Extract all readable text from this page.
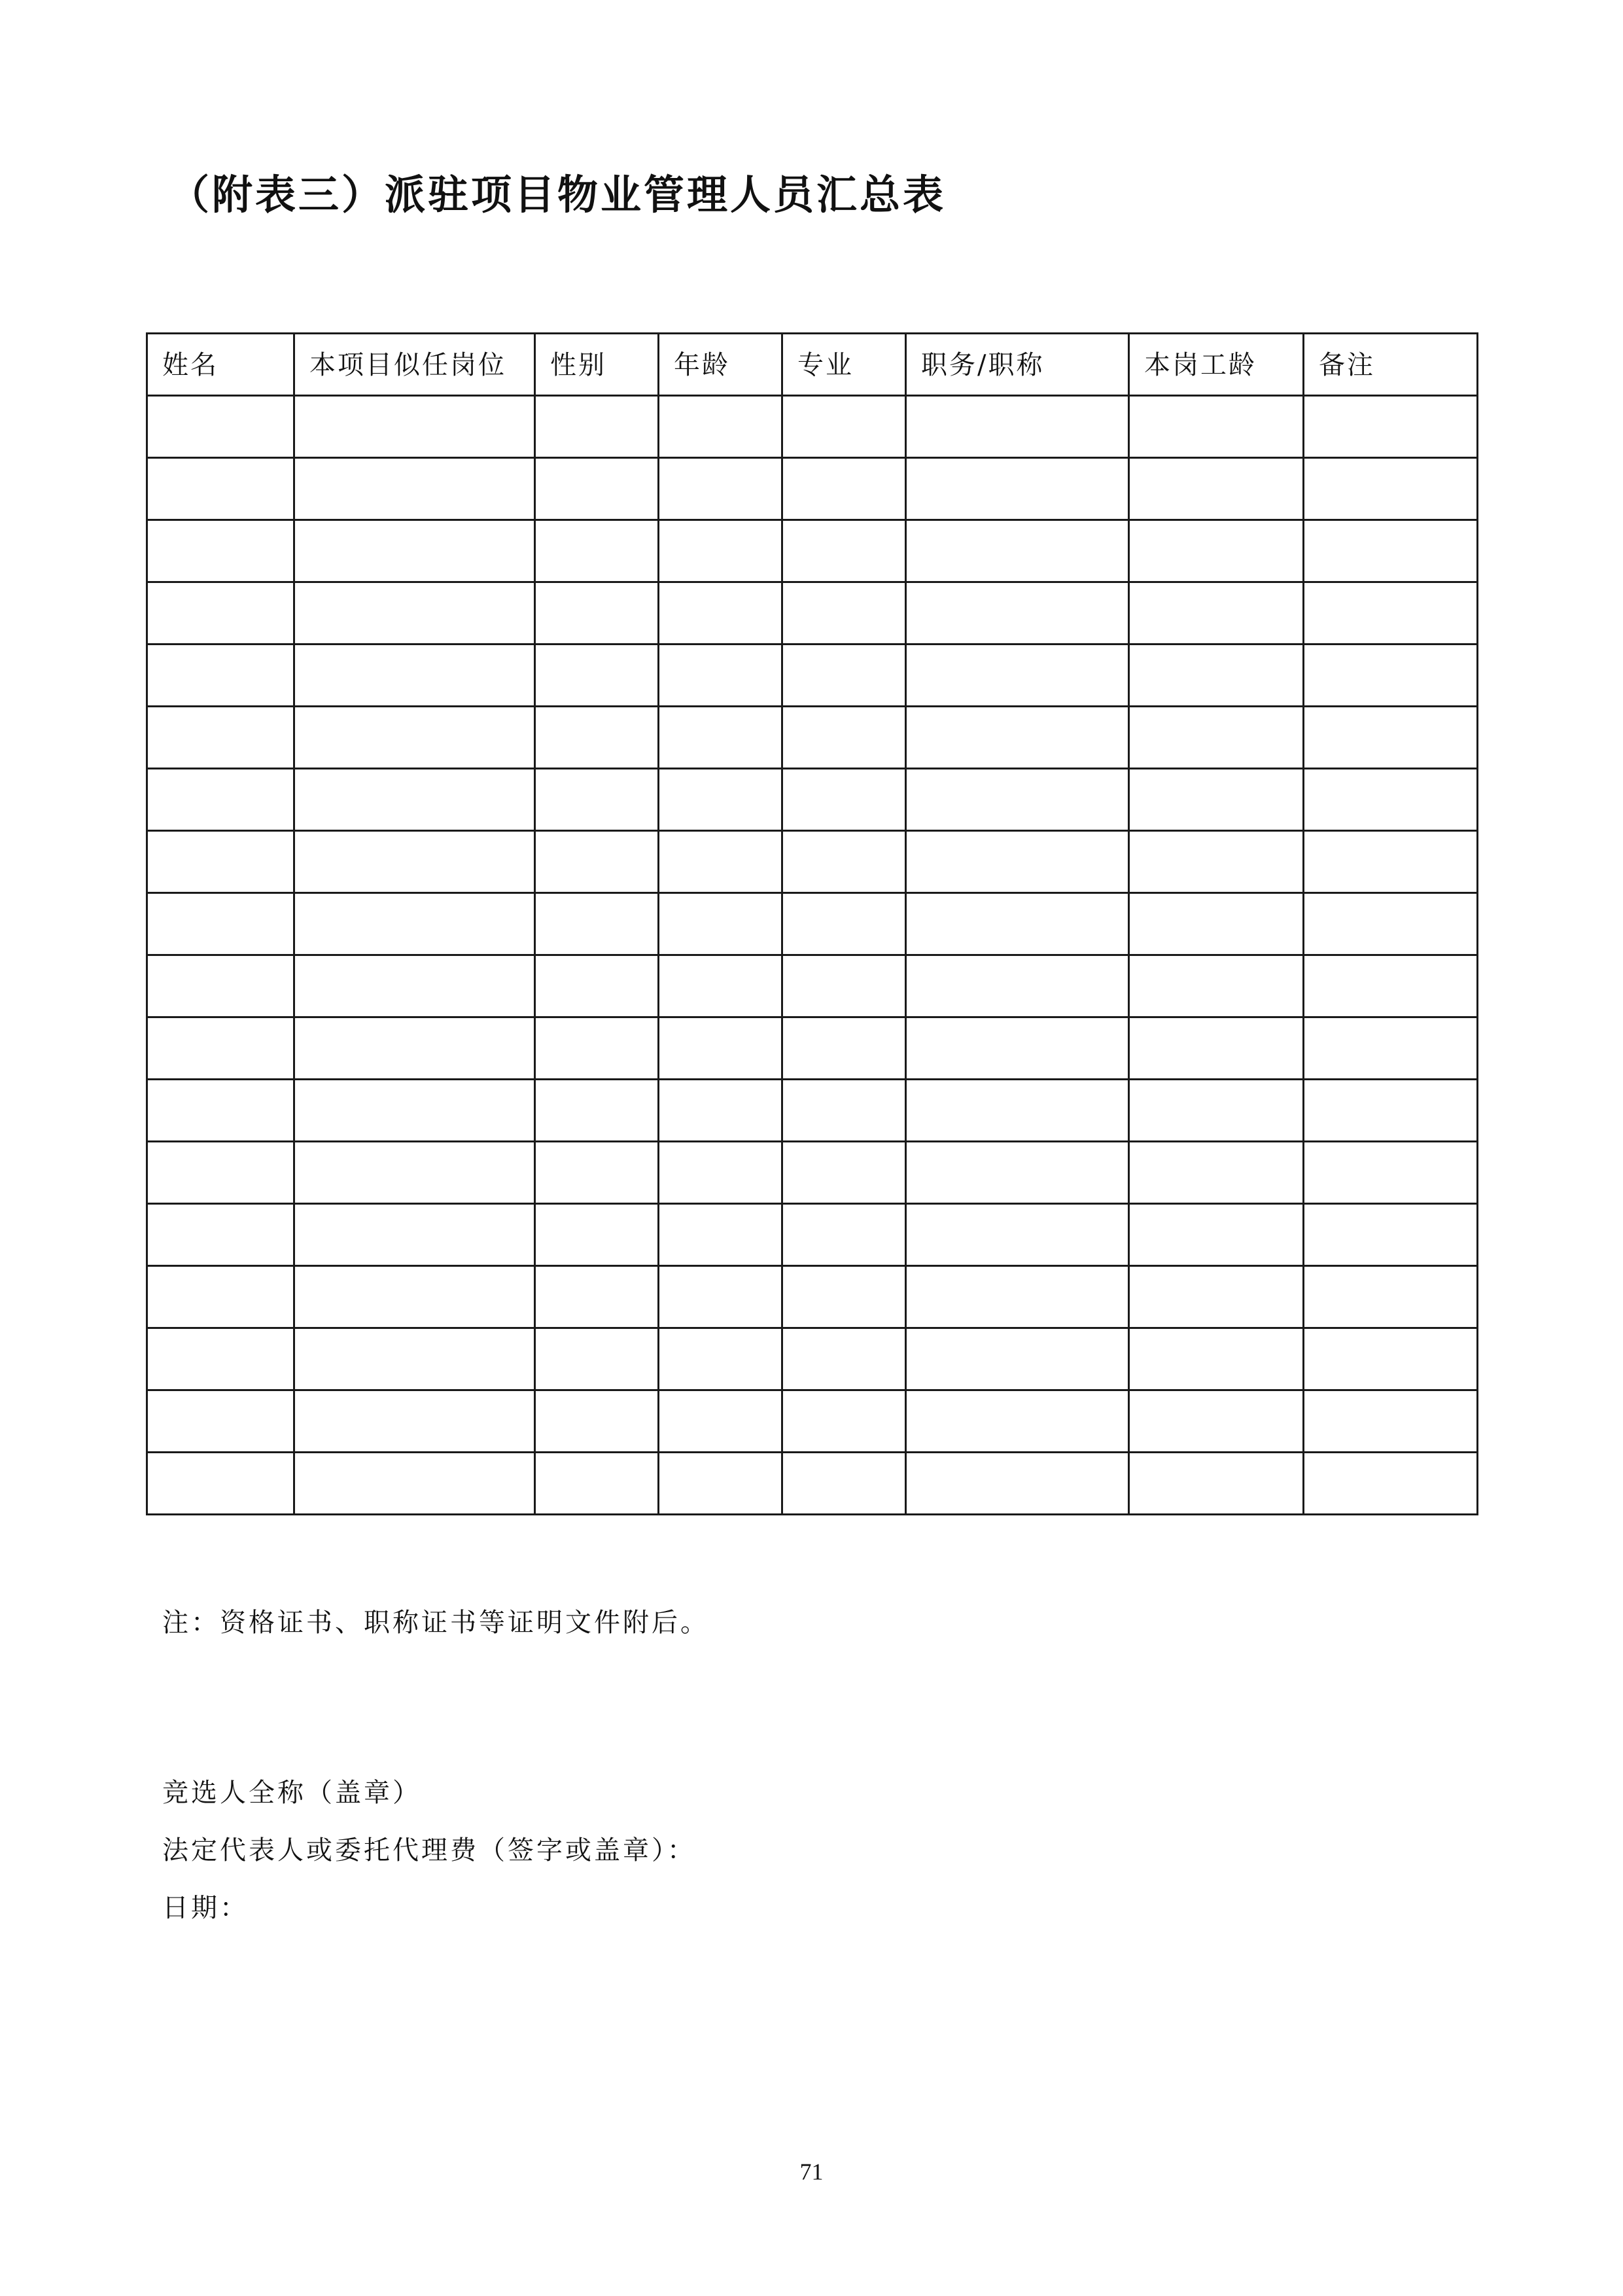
（附表三）派驻项目物业管理人员汇总表
姓名	本项目似任岗位	性别	年龄	专业	职务/职称	本岗工龄	备注

注：资格证书、职称证书等证明文件附后。
竞选人全称（盖章）
法定代表人或委托代理费（签字或盖章）：
日期：
71
